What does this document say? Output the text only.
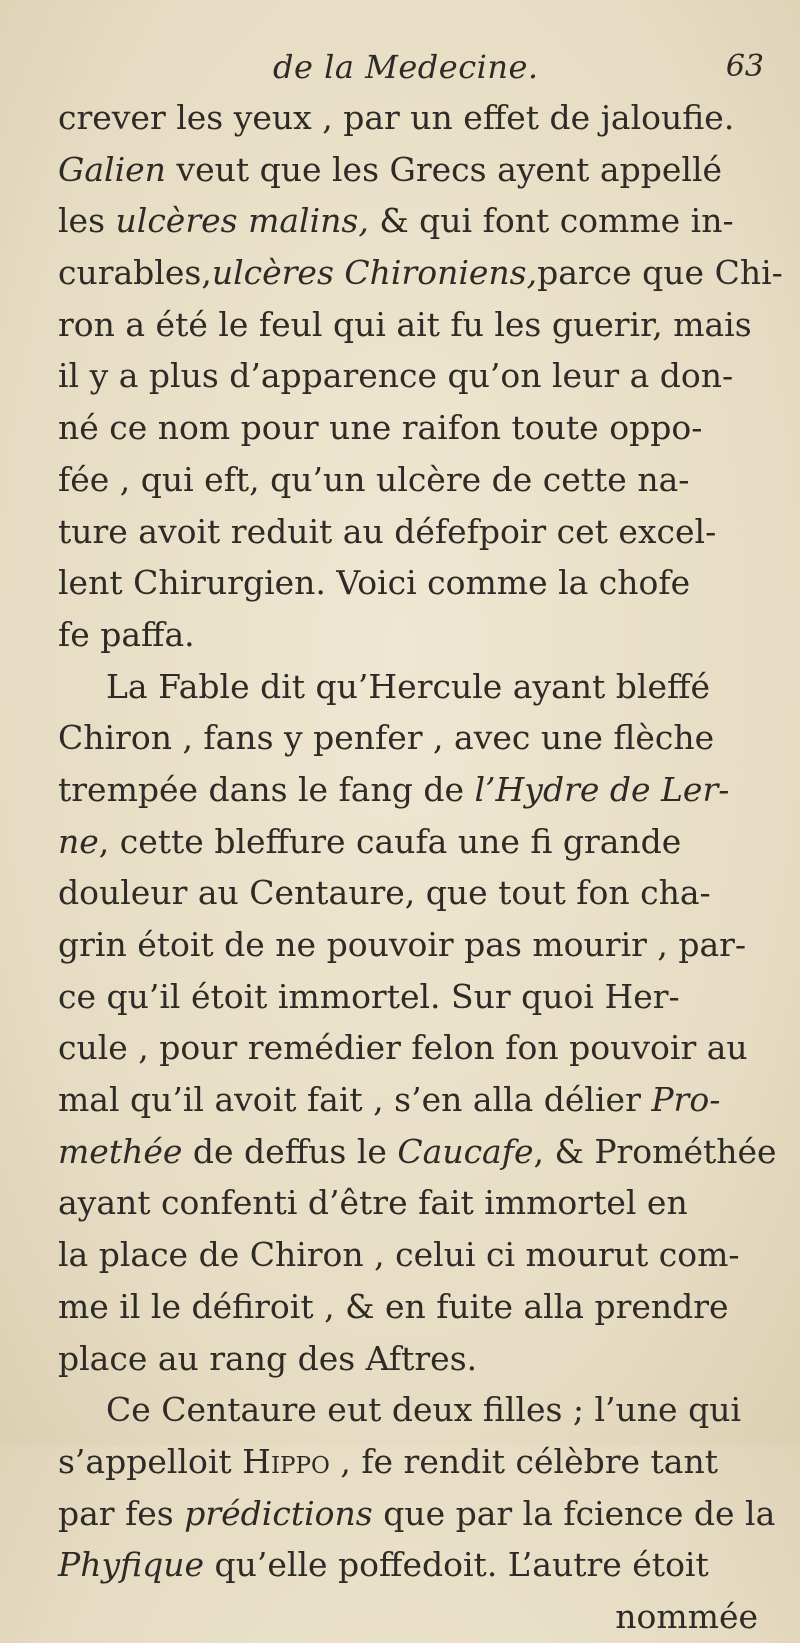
de la Medecine.	63
crever les yeux , par un effet de jaloufie.
Galien veut que les Grecs ayent appellé
les ulcères malins, & qui font comme in-
curables,ulcères Chironiens,parce que Chi-
ron a été le feul qui ait fu les guerir, mais
il y a plus d’apparence qu’on leur a don-
né ce nom pour une raifon toute oppo-
fée , qui eft, qu’un ulcère de cette na-
ture avoit reduit au défefpoir cet excel-
lent Chirurgien. Voici comme la chofe
fe paffa.
La Fable dit qu’Hercule ayant bleffé
Chiron , fans y penfer , avec une flèche
trempée dans le fang de l’Hydre de Ler-
ne, cette bleffure caufa une fi grande
douleur au Centaure, que tout fon cha-
grin étoit de ne pouvoir pas mourir , par-
ce qu’il étoit immortel. Sur quoi Her-
cule , pour remédier felon fon pouvoir au
mal qu’il avoit fait , s’en alla délier Pro-
methée de deffus le Caucafe, & Prométhée
ayant confenti d’être fait immortel en
la place de Chiron , celui ci mourut com-
me il le défiroit , & en fuite alla prendre
place au rang des Aftres.
Ce Centaure eut deux filles ; l’une qui
s’appelloit Hippo , fe rendit célèbre tant
par fes prédictions que par la fcience de la
Phyfique qu’elle poffedoit. L’autre étoit
nommée
